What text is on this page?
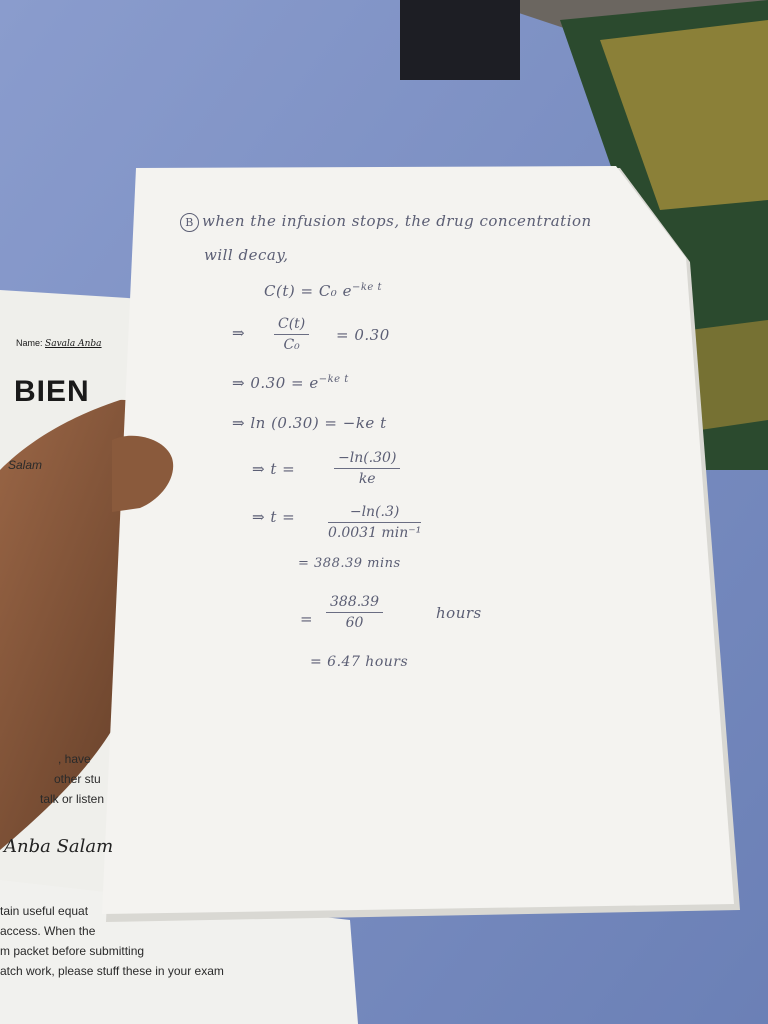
Name: Savala Anba
BIEN
Salam
, have
other stu
talk or listen
Anba Salam
tain useful equat
access. When the
m packet before submitting
atch work, please stuff these in your exam
B when the infusion stops, the drug concentration
will decay,
C(t) = C₀ $e^{-ke t}$
⇒ $\frac{C(t)}{\text{C₀}} = 0.30$
⇒ $0.30 = e^{-ke t}$
⇒ ln (0.30) = −ke t
⇒ t =	$\frac{-\ln(.30)}{ke}$
⇒ t =	−ln(.3)
0.0031 min⁻¹
= 388.39 mins
= $\frac{388.39}{60}$	hours
= 6.47 hours
